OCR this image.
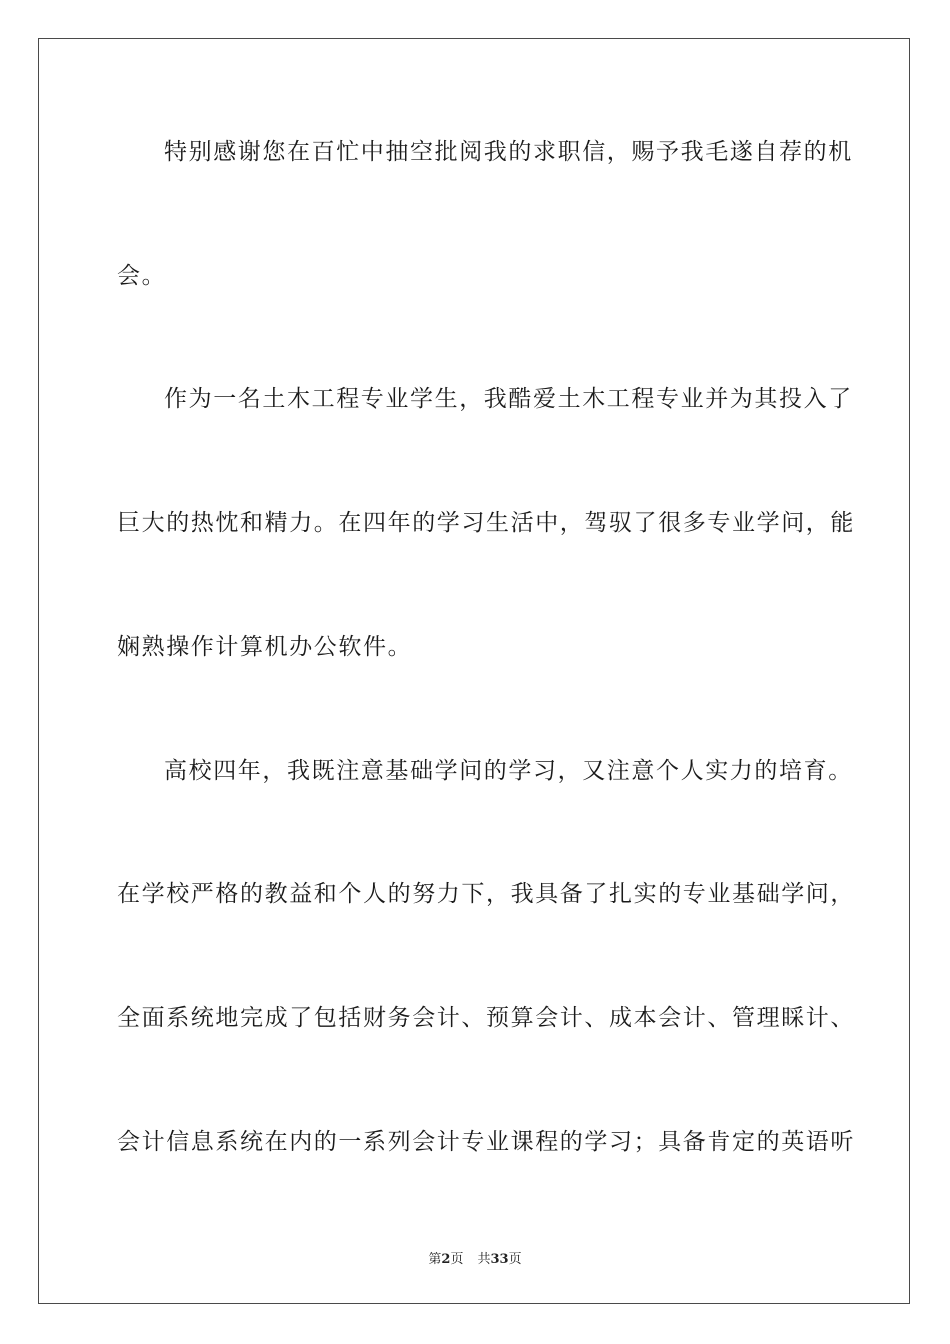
特别感谢您在百忙中抽空批阅我的求职信，赐予我毛遂自荐的机
会。
作为一名土木工程专业学生，我酷爱土木工程专业并为其投入了
巨大的热忱和精力。在四年的学习生活中，驾驭了很多专业学问，能
娴熟操作计算机办公软件。
高校四年，我既注意基础学问的学习，又注意个人实力的培育。
在学校严格的教益和个人的努力下，我具备了扎实的专业基础学问，
全面系统地完成了包括财务会计、预算会计、成本会计、管理睬计、
会计信息系统在内的一系列会计专业课程的学习；具备肯定的英语听
第2页 共33页
